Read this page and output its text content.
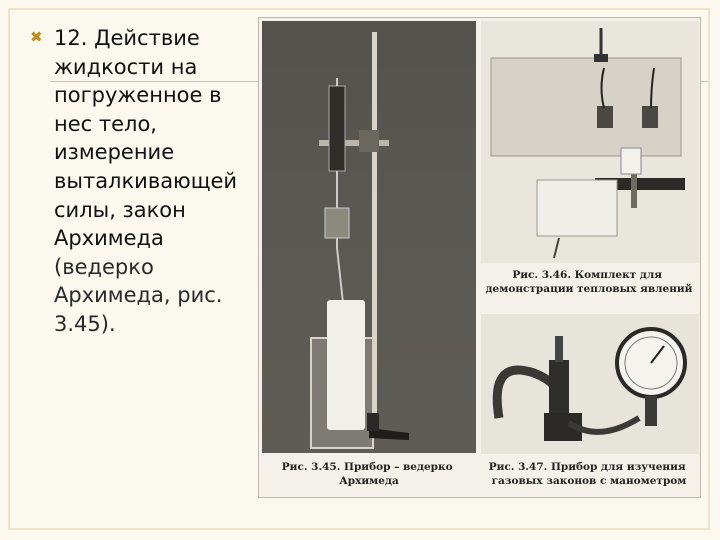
✖ 12. Действие жидкости на погруженное в нес тело, измерение выталкивающей силы, закон Архимеда (ведерко Архимеда, рис. 3.45).
Рис. 3.46. Комплект для демонстрации тепловых явлений
Рис. 3.45. Прибор – ведерко Архимеда
Рис. 3.47. Прибор для изучения газовых законов с манометром
